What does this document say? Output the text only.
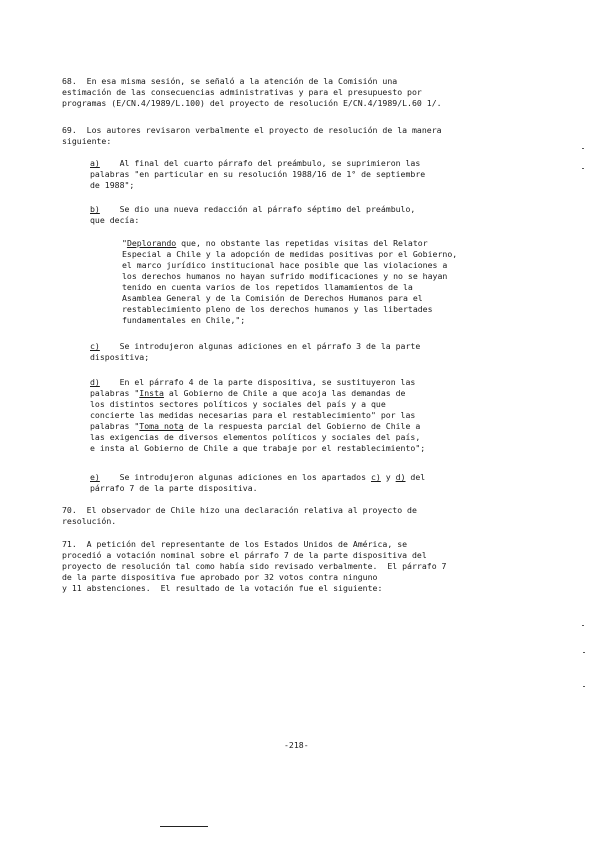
68.  En esa misma sesión, se señaló a la atención de la Comisión una
estimación de las consecuencias administrativas y para el presupuesto por
programas (E/CN.4/1989/L.100) del proyecto de resolución E/CN.4/1989/L.60 1/.

69.  Los autores revisaron verbalmente el proyecto de resolución de la manera
siguiente:

a) Al final del cuarto párrafo del preámbulo, se suprimieron las
palabras "en particular en su resolución 1988/16 de 1° de septiembre
de 1988";
b) Se dio una nueva redacción al párrafo séptimo del preámbulo,
que decía:
"Deplorando que, no obstante las repetidas visitas del Relator
Especial a Chile y la adopción de medidas positivas por el Gobierno,
el marco jurídico institucional hace posible que las violaciones a
los derechos humanos no hayan sufrido modificaciones y no se hayan
tenido en cuenta varios de los repetidos llamamientos de la
Asamblea General y de la Comisión de Derechos Humanos para el
restablecimiento pleno de los derechos humanos y las libertades
fundamentales en Chile,";
c) Se introdujeron algunas adiciones en el párrafo 3 de la parte
dispositiva;
d) En el párrafo 4 de la parte dispositiva, se sustituyeron las
palabras "Insta al Gobierno de Chile a que acoja las demandas de
los distintos sectores políticos y sociales del país y a que
concierte las medidas necesarias para el restablecimiento" por las
palabras "Toma nota de la respuesta parcial del Gobierno de Chile a
las exigencias de diversos elementos políticos y sociales del país,
e insta al Gobierno de Chile a que trabaje por el restablecimiento";
e) Se introdujeron algunas adiciones en los apartados c) y d) del
párrafo 7 de la parte dispositiva.

70.  El observador de Chile hizo una declaración relativa al proyecto de
resolución.

71.  A petición del representante de los Estados Unidos de América, se
procedió a votación nominal sobre el párrafo 7 de la parte dispositiva del
proyecto de resolución tal como había sido revisado verbalmente.  El párrafo 7
de la parte dispositiva fue aprobado por 32 votos contra ninguno
y 11 abstenciones.  El resultado de la votación fue el siguiente:

-218-
